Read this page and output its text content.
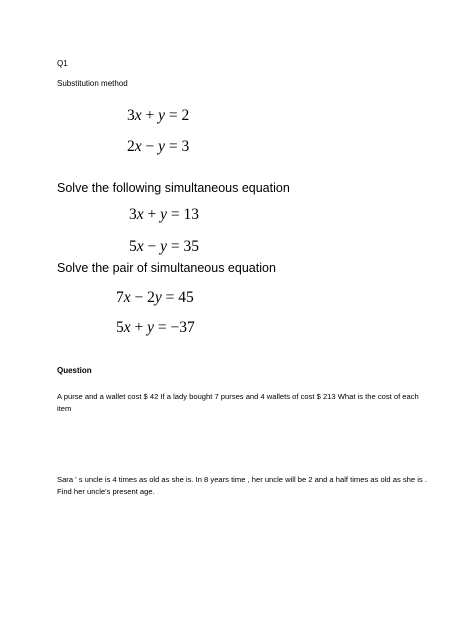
Q1
Substitution method
3x + y = 2
2x − y = 3
Solve the following simultaneous equation
3x + y = 13
5x − y = 35
Solve the pair of simultaneous equation
7x − 2y = 45
5x + y = −37
Question
A purse and a wallet cost $ 42 If a lady bought 7 purses and 4 wallets of cost $ 213 What is the cost of each item
Sara ' s uncle is 4 times as old as she is. In 8 years time , her uncle will be 2 and a half times as old as she is . Find her uncle's present age.
